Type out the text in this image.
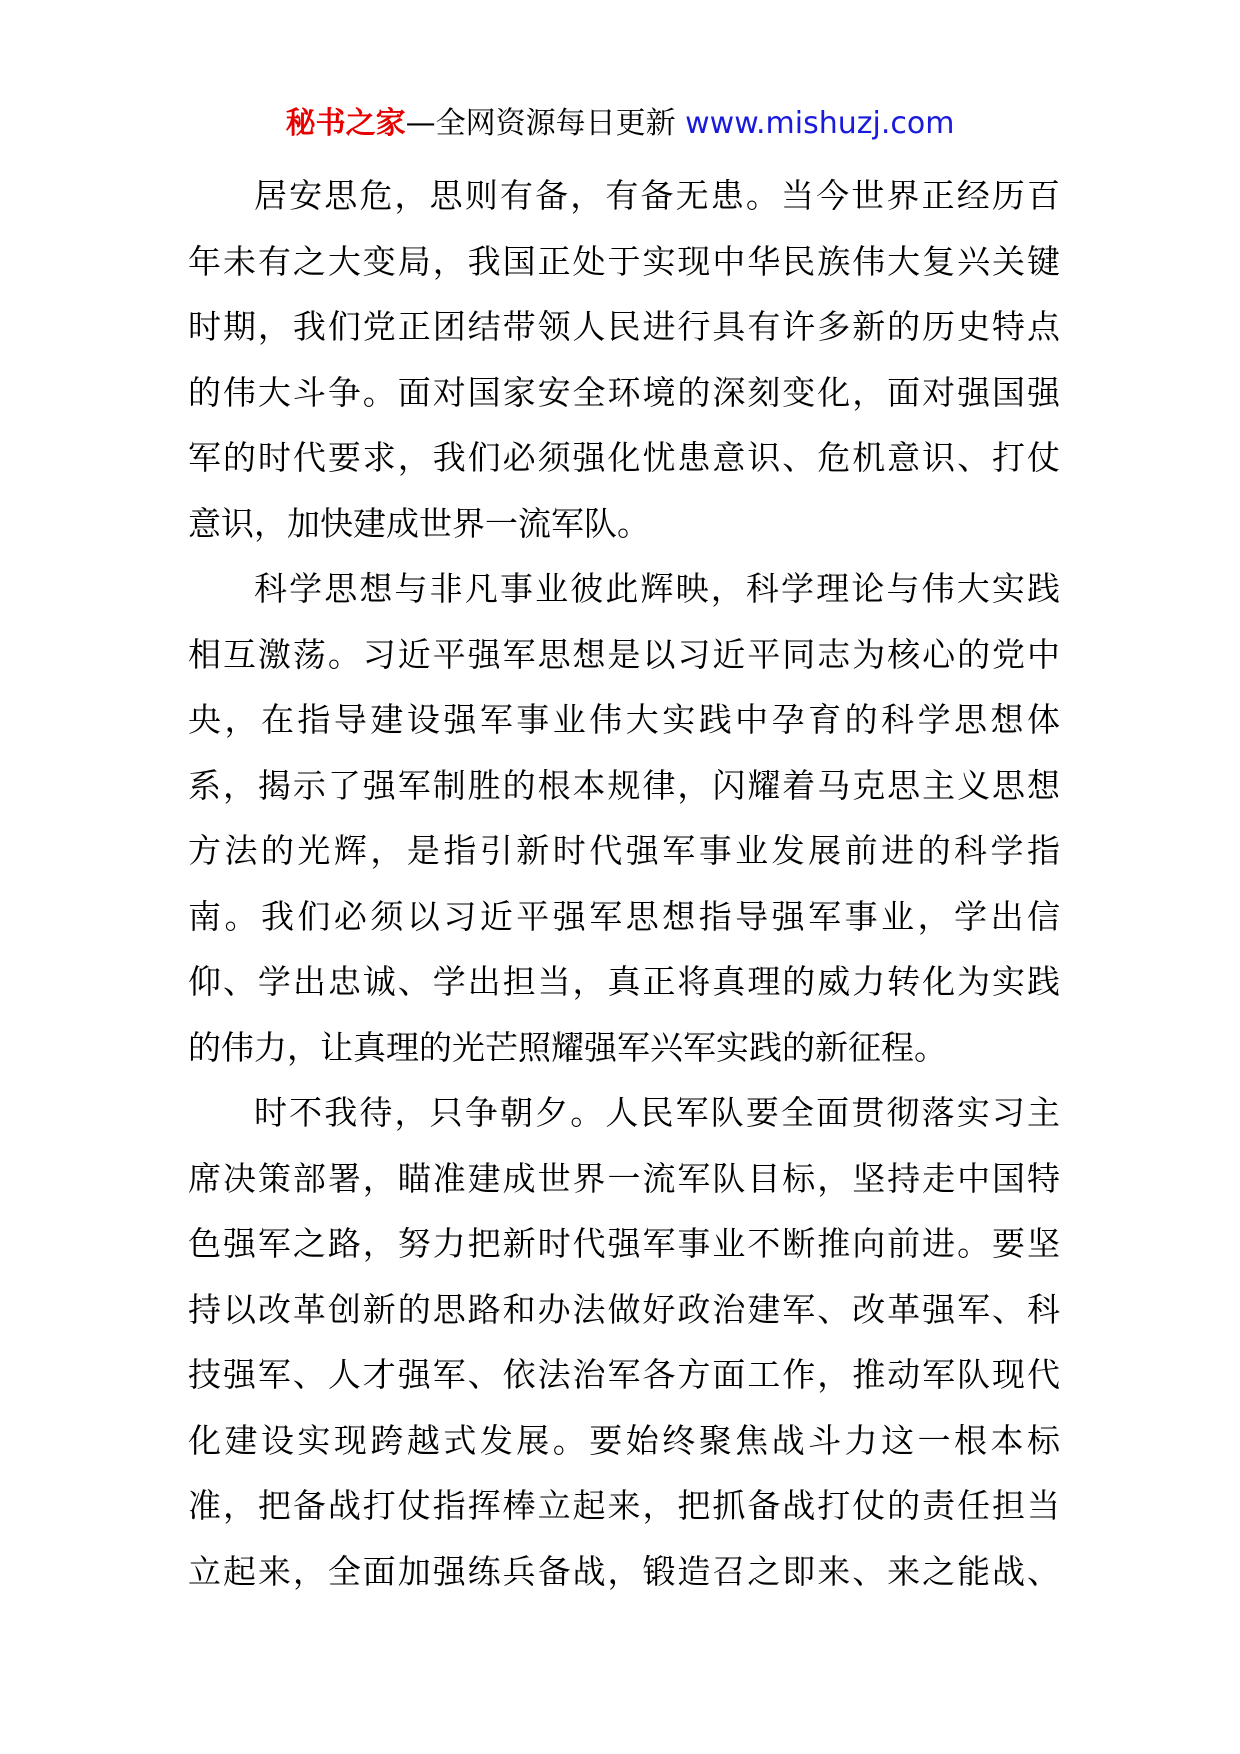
秘书之家—全网资源每日更新 www.mishuzj.com
居安思危，思则有备，有备无患。当今世界正经历百
年未有之大变局，我国正处于实现中华民族伟大复兴关键
时期，我们党正团结带领人民进行具有许多新的历史特点
的伟大斗争。面对国家安全环境的深刻变化，面对强国强
军的时代要求，我们必须强化忧患意识、危机意识、打仗
意识，加快建成世界一流军队。
科学思想与非凡事业彼此辉映，科学理论与伟大实践
相互激荡。习近平强军思想是以习近平同志为核心的党中
央，在指导建设强军事业伟大实践中孕育的科学思想体
系，揭示了强军制胜的根本规律，闪耀着马克思主义思想
方法的光辉，是指引新时代强军事业发展前进的科学指
南。我们必须以习近平强军思想指导强军事业，学出信
仰、学出忠诚、学出担当，真正将真理的威力转化为实践
的伟力，让真理的光芒照耀强军兴军实践的新征程。
时不我待，只争朝夕。人民军队要全面贯彻落实习主
席决策部署，瞄准建成世界一流军队目标，坚持走中国特
色强军之路，努力把新时代强军事业不断推向前进。要坚
持以改革创新的思路和办法做好政治建军、改革强军、科
技强军、人才强军、依法治军各方面工作，推动军队现代
化建设实现跨越式发展。要始终聚焦战斗力这一根本标
准，把备战打仗指挥棒立起来，把抓备战打仗的责任担当
立起来，全面加强练兵备战，锻造召之即来、来之能战、
